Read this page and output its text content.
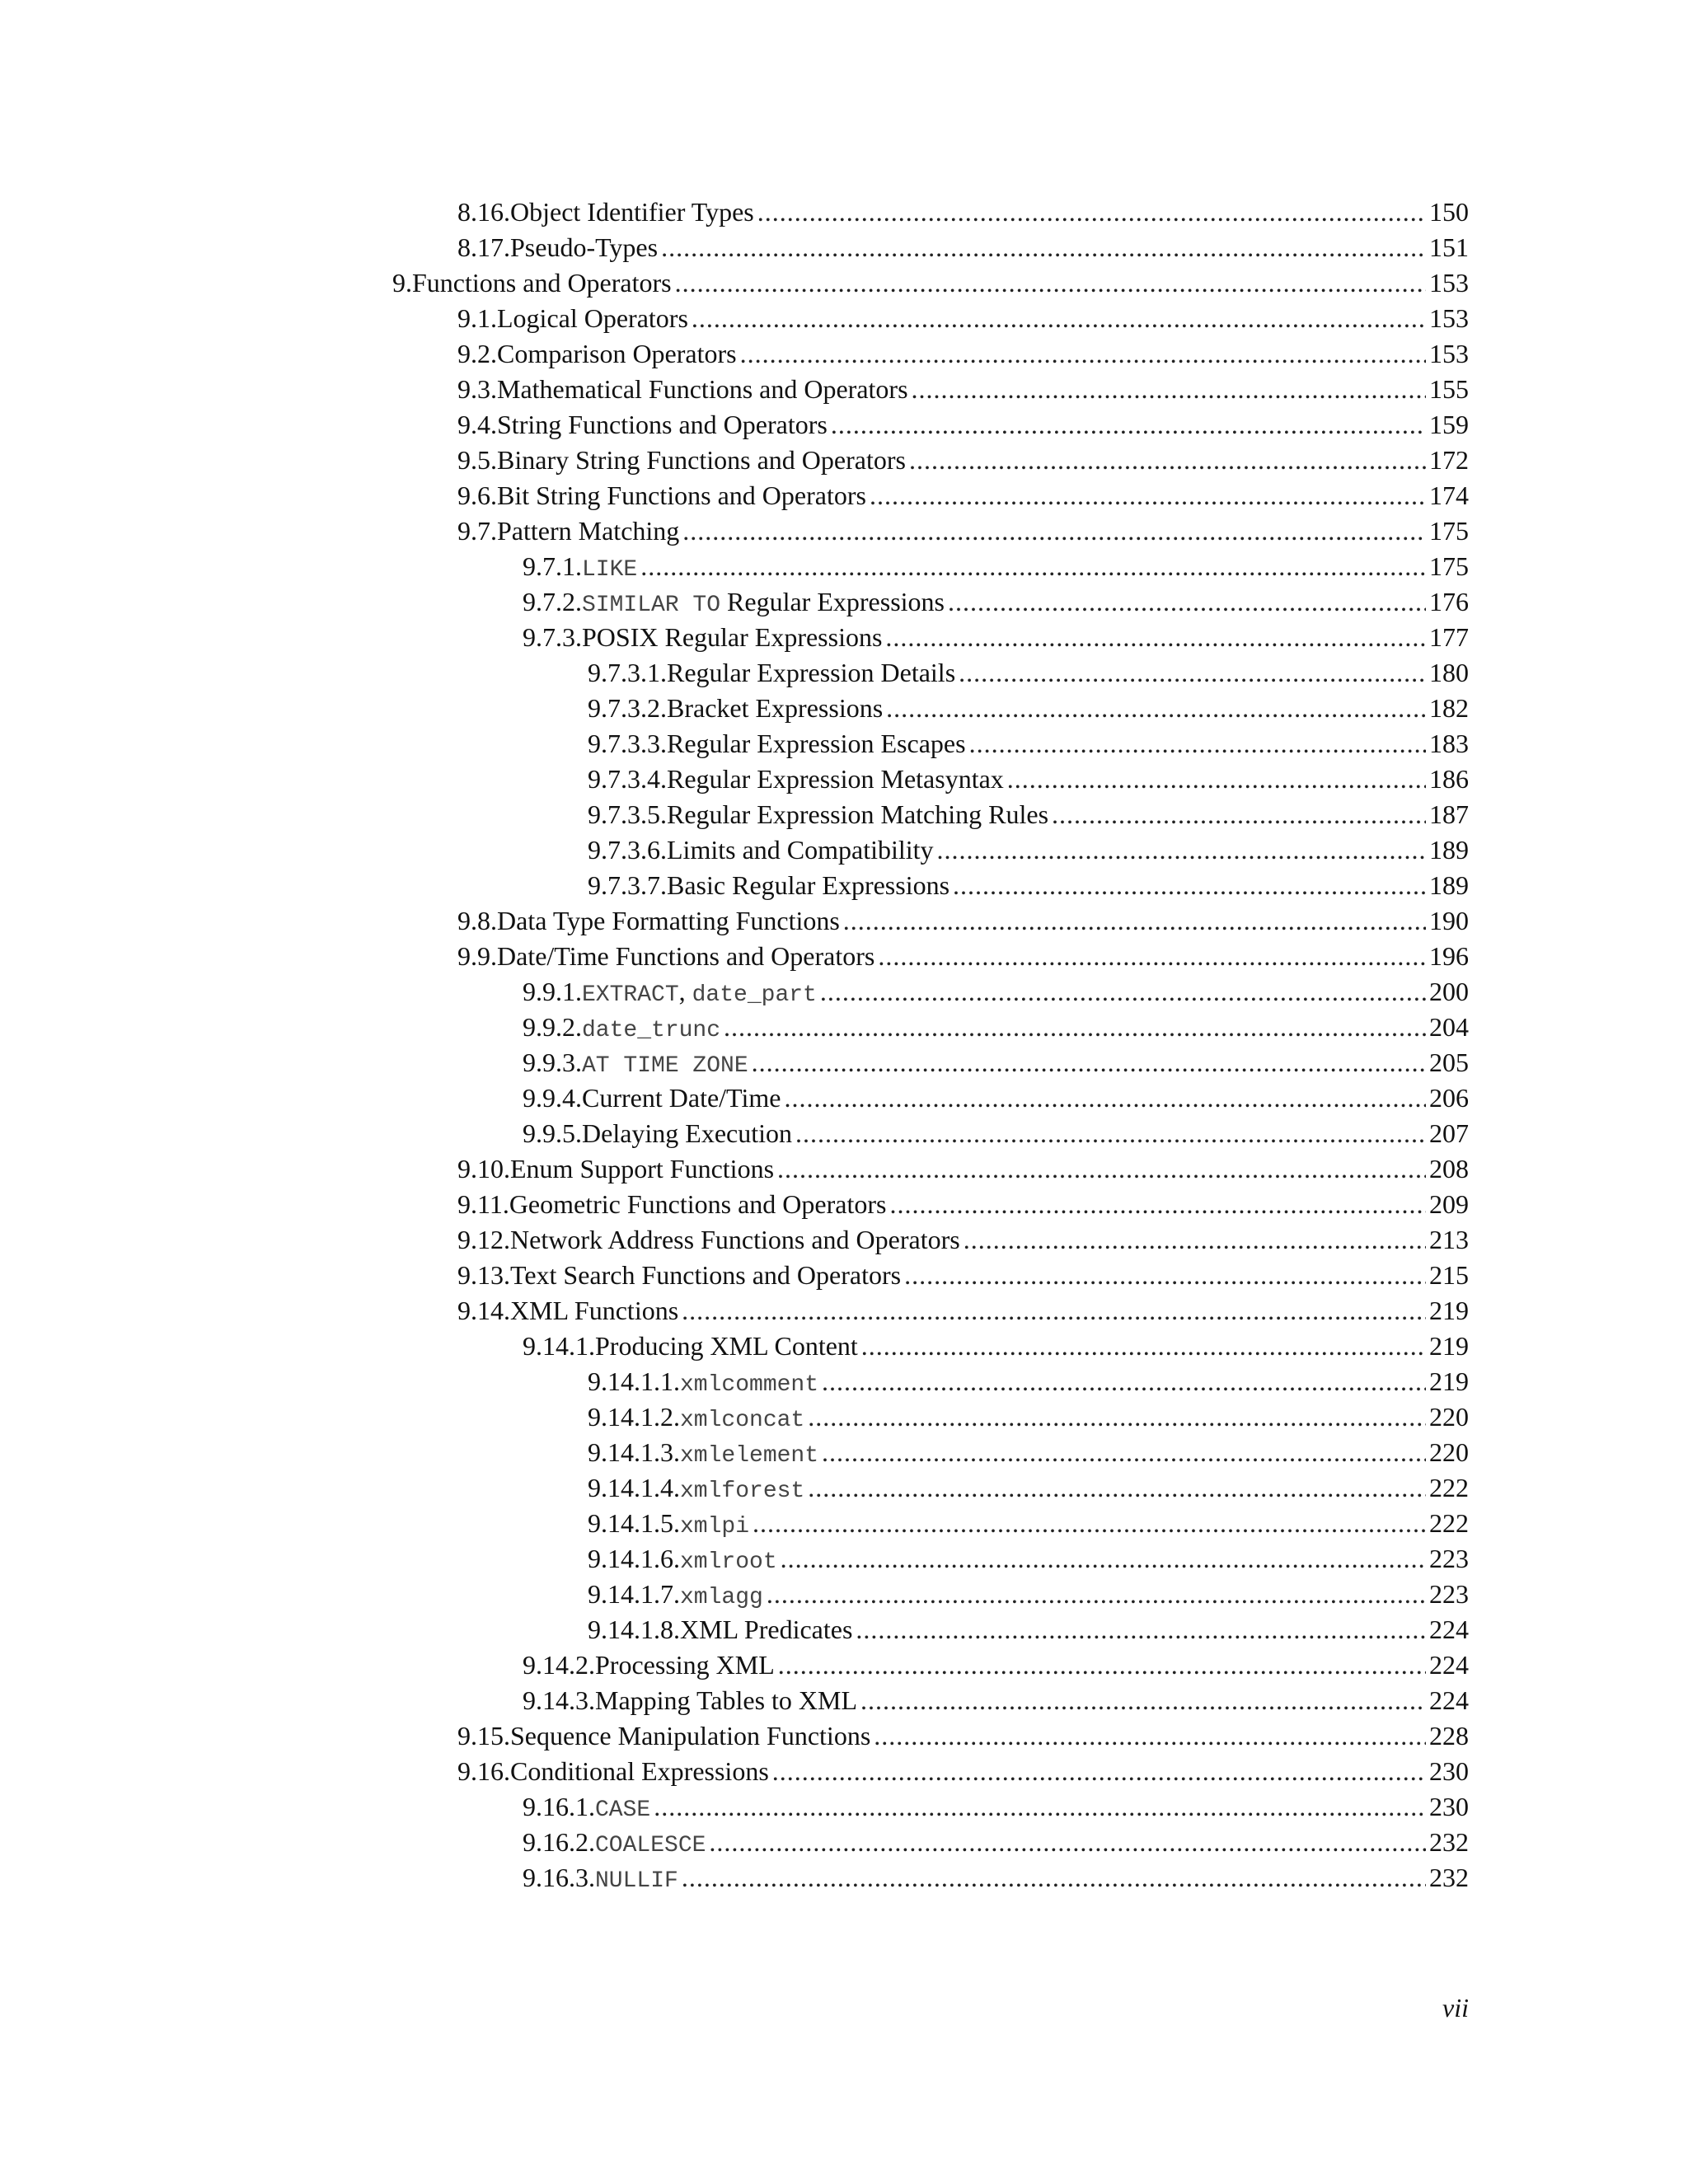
8.16. Object Identifier Types .....	150
8.17. Pseudo-Types .....	151
9. Functions and Operators .....	153
9.1. Logical Operators .....	153
9.2. Comparison Operators .....	153
9.3. Mathematical Functions and Operators .....	155
9.4. String Functions and Operators .....	159
9.5. Binary String Functions and Operators .....	172
9.6. Bit String Functions and Operators .....	174
9.7. Pattern Matching .....	175
9.7.1. LIKE .....	175
9.7.2. SIMILAR TO Regular Expressions .....	176
9.7.3. POSIX Regular Expressions .....	177
9.7.3.1. Regular Expression Details .....	180
9.7.3.2. Bracket Expressions .....	182
9.7.3.3. Regular Expression Escapes .....	183
9.7.3.4. Regular Expression Metasyntax .....	186
9.7.3.5. Regular Expression Matching Rules .....	187
9.7.3.6. Limits and Compatibility .....	189
9.7.3.7. Basic Regular Expressions .....	189
9.8. Data Type Formatting Functions .....	190
9.9. Date/Time Functions and Operators .....	196
9.9.1. EXTRACT, date_part .....	200
9.9.2. date_trunc .....	204
9.9.3. AT TIME ZONE .....	205
9.9.4. Current Date/Time .....	206
9.9.5. Delaying Execution .....	207
9.10. Enum Support Functions .....	208
9.11. Geometric Functions and Operators .....	209
9.12. Network Address Functions and Operators .....	213
9.13. Text Search Functions and Operators .....	215
9.14. XML Functions .....	219
9.14.1. Producing XML Content .....	219
9.14.1.1. xmlcomment .....	219
9.14.1.2. xmlconcat .....	220
9.14.1.3. xmlelement .....	220
9.14.1.4. xmlforest .....	222
9.14.1.5. xmlpi .....	222
9.14.1.6. xmlroot .....	223
9.14.1.7. xmlagg .....	223
9.14.1.8. XML Predicates .....	224
9.14.2. Processing XML .....	224
9.14.3. Mapping Tables to XML .....	224
9.15. Sequence Manipulation Functions .....	228
9.16. Conditional Expressions .....	230
9.16.1. CASE .....	230
9.16.2. COALESCE .....	232
9.16.3. NULLIF .....	232
vii
